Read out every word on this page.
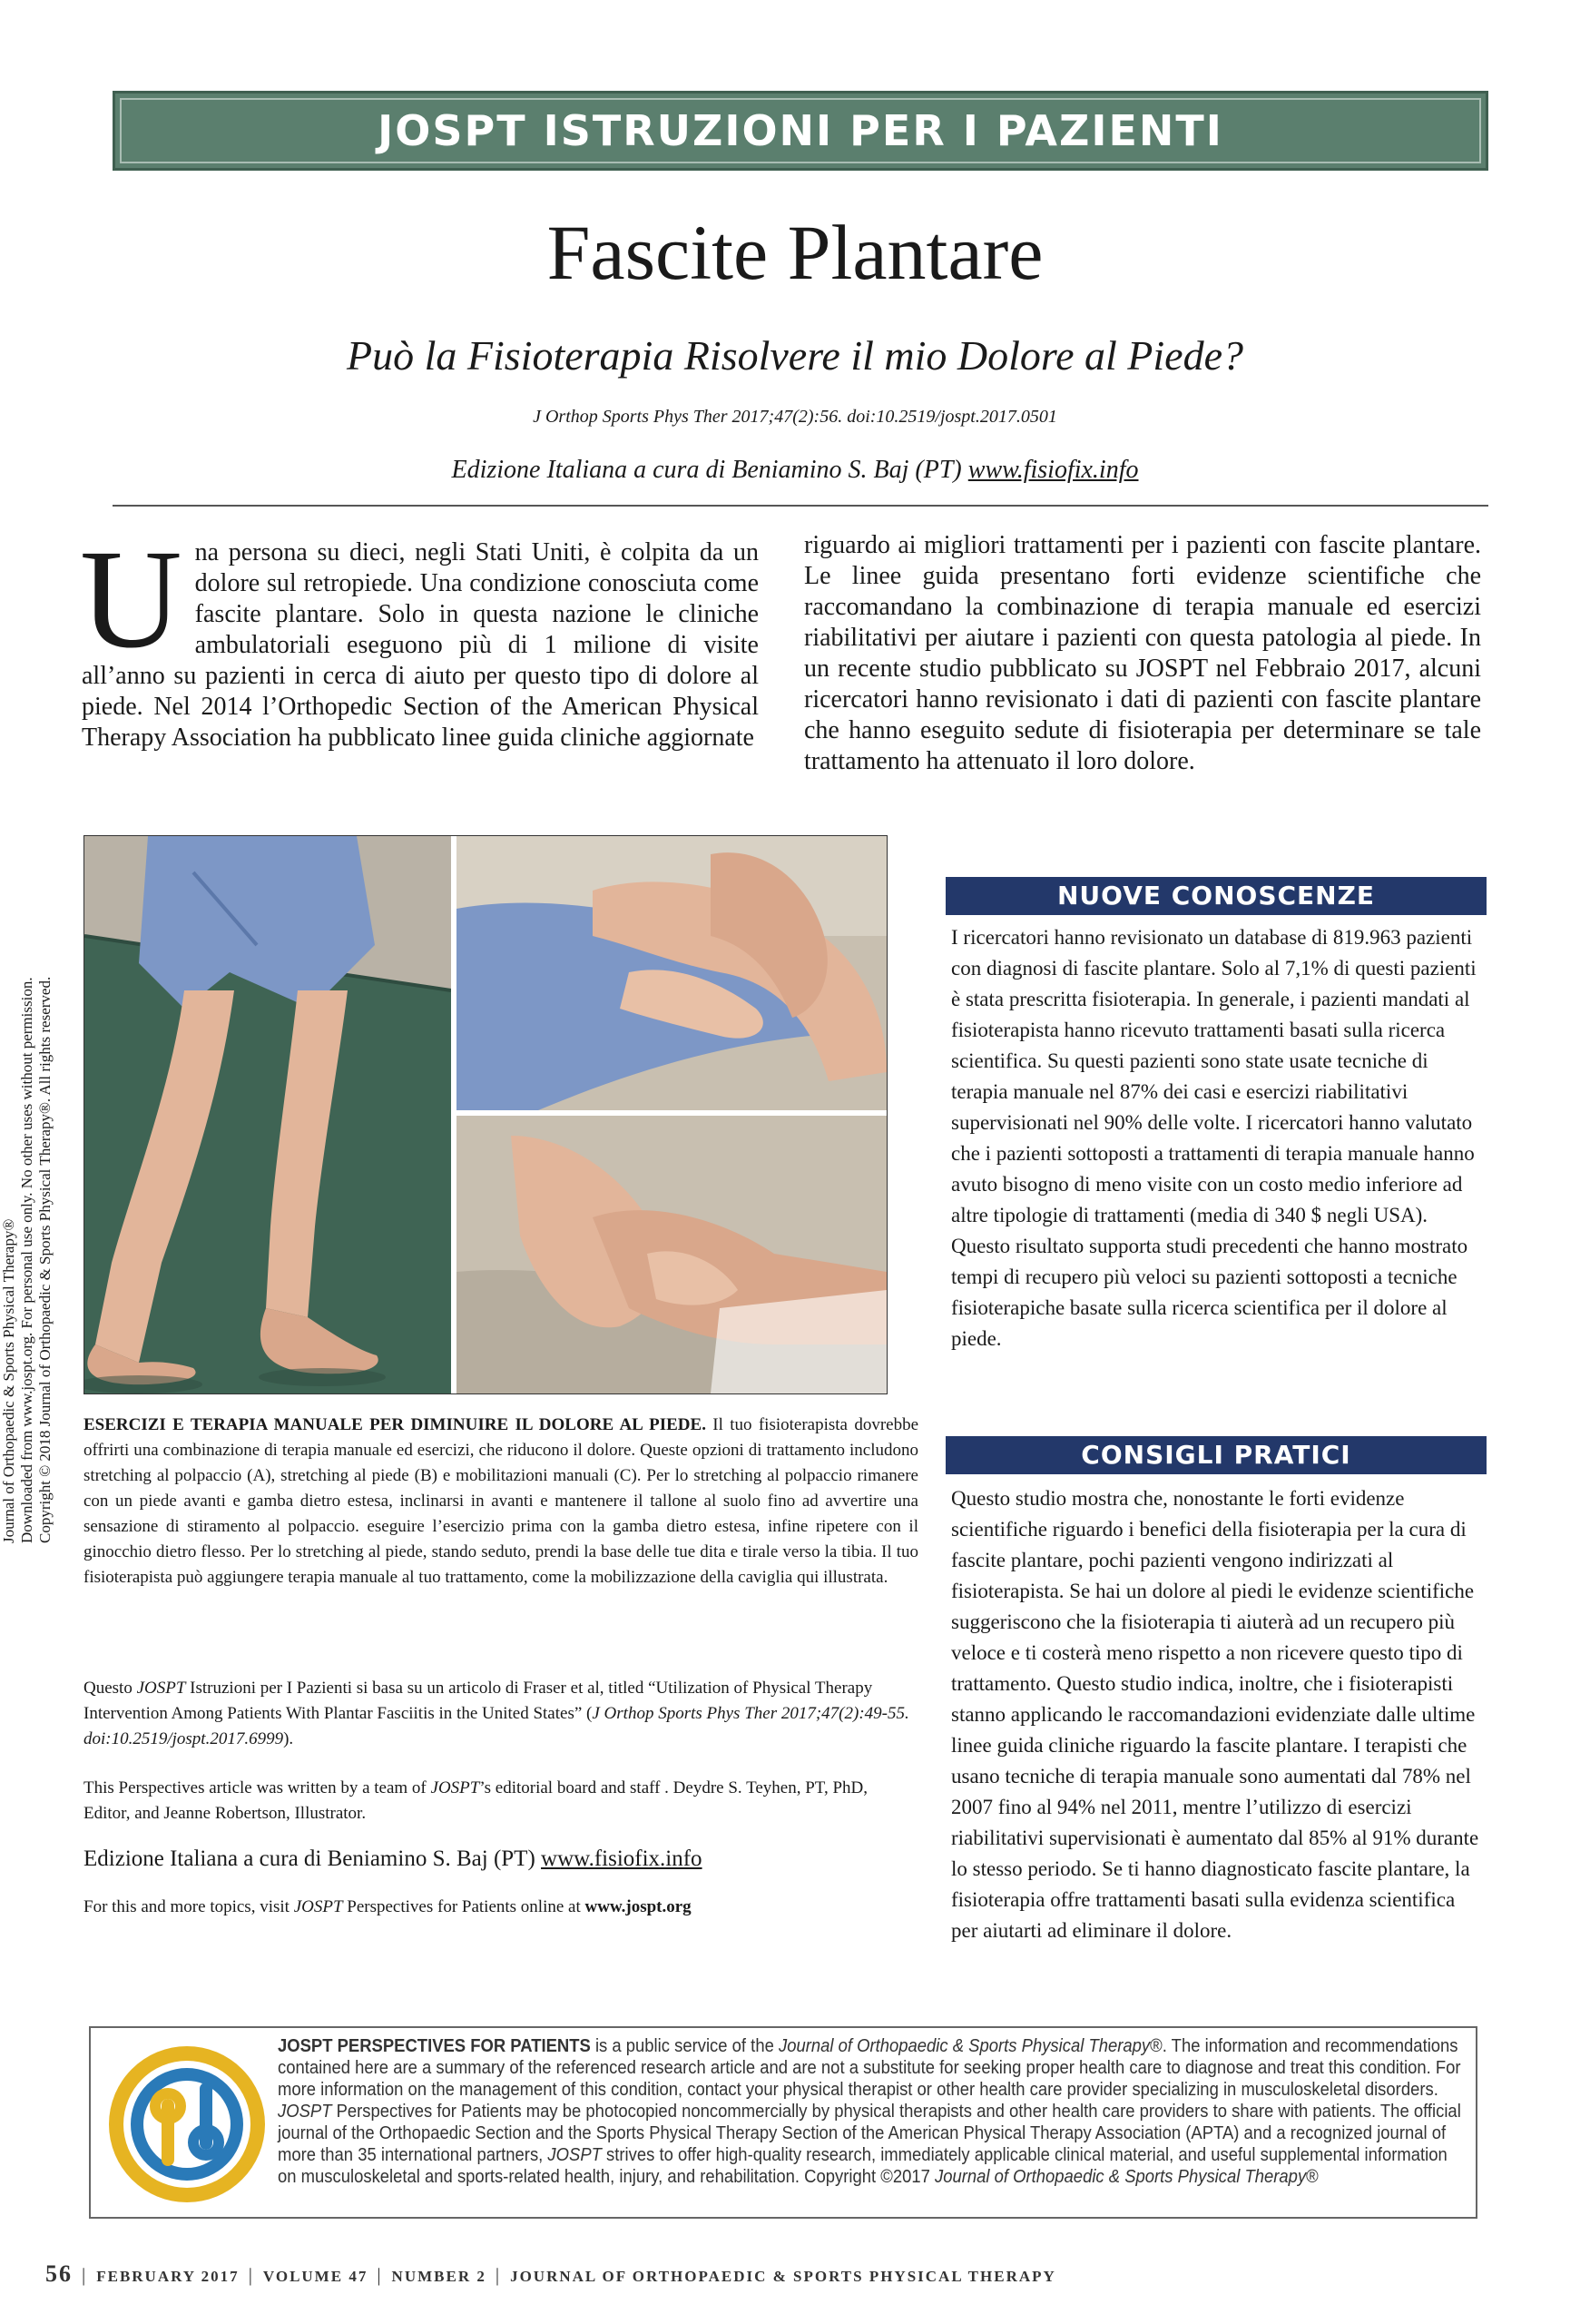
JOSPT ISTRUZIONI PER I PAZIENTI
Fascite Plantare
Può la Fisioterapia Risolvere il mio Dolore al Piede?
J Orthop Sports Phys Ther 2017;47(2):56. doi:10.2519/jospt.2017.0501
Edizione Italiana a cura di Beniamino S. Baj (PT) www.fisiofix.info
Una persona su dieci, negli Stati Uniti, è colpita da un dolore sul retropiede. Una condizione conosciuta come fascite plantare. Solo in questa nazione le cliniche ambulatoriali eseguono più di 1 milione di visite all’anno su pazienti in cerca di aiuto per questo tipo di dolore al piede. Nel 2014 l’Orthopedic Section of the American Physical Therapy Association ha pubblicato linee guida cliniche aggiornate
riguardo ai migliori trattamenti per i pazienti con fascite plantare. Le linee guida presentano forti evidenze scientifiche che raccomandano la combinazione di terapia manuale ed esercizi riabilitativi per aiutare i pazienti con questa patologia al piede. In un recente studio pubblicato su JOSPT nel Febbraio 2017, alcuni ricercatori hanno revisionato i dati di pazienti con fascite plantare che hanno eseguito sedute di fisioterapia per determinare se tale trattamento ha attenuato il loro dolore.
Journal of Orthopaedic & Sports Physical Therapy® Downloaded from www.jospt.org. For personal use only. No other uses without permission. Copyright © 2018 Journal of Orthopaedic & Sports Physical Therapy®. All rights reserved. ESERCIZI E TERAPIA MANUALE PER DIMINUIRE IL DOLORE AL PIEDE. Il tuo fisioterapista dovrebbe offrirti una combinazione di terapia manuale ed esercizi, che riducono il dolore. Queste opzioni di trattamento includono stretching al polpaccio (A), stretching al piede (B) e mobilitazioni manuali (C). Per lo stretching al polpaccio rimanere con un piede avanti e gamba dietro estesa, inclinarsi in avanti e mantenere il tallone al suolo fino ad avvertire una sensazione di stiramento al polpaccio. eseguire l’esercizio prima con la gamba dietro estesa, infine ripetere con il ginocchio dietro flesso. Per lo stretching al piede, stando seduto, prendi la base delle tue dita e tirale verso la tibia. Il tuo fisioterapista può aggiungere terapia manuale al tuo trattamento, come la mobilizzazione della caviglia qui illustrata.
Questo JOSPT Istruzioni per I Pazienti si basa su un articolo di Fraser et al, titled “Utilization of Physical Therapy Intervention Among Patients With Plantar Fasciitis in the United States” (J Orthop Sports Phys Ther 2017;47(2):49-55. doi:10.2519/jospt.2017.6999).
This Perspectives article was written by a team of JOSPT’s editorial board and staff . Deydre S. Teyhen, PT, PhD, Editor, and Jeanne Robertson, Illustrator.
Edizione Italiana a cura di Beniamino S. Baj (PT) www.fisiofix.info
For this and more topics, visit JOSPT Perspectives for Patients online at www.jospt.org
NUOVE CONOSCENZE
I ricercatori hanno revisionato un database di 819.963 pazienti con diagnosi di fascite plantare. Solo al 7,1% di questi pazienti è stata prescritta fisioterapia. In generale, i pazienti mandati al fisioterapista hanno ricevuto trattamenti basati sulla ricerca scientifica. Su questi pazienti sono state usate tecniche di terapia manuale nel 87% dei casi e esercizi riabilitativi supervisionati nel 90% delle volte. I ricercatori hanno valutato che i pazienti sottoposti a trattamenti di terapia manuale hanno avuto bisogno di meno visite con un costo medio inferiore ad altre tipologie di trattamenti (media di 340 $ negli USA). Questo risultato supporta studi precedenti che hanno mostrato tempi di recupero più veloci su pazienti sottoposti a tecniche fisioterapiche basate sulla ricerca scientifica per il dolore al piede.
CONSIGLI PRATICI
Questo studio mostra che, nonostante le forti evidenze scientifiche riguardo i benefici della fisioterapia per la cura di fascite plantare, pochi pazienti vengono indirizzati al fisioterapista. Se hai un dolore al piedi le evidenze scientifiche suggeriscono che la fisioterapia ti aiuterà ad un recupero più veloce e ti costerà meno rispetto a non ricevere questo tipo di trattamento. Questo studio indica, inoltre, che i fisioterapisti stanno applicando le raccomandazioni evidenziate dalle ultime linee guida cliniche riguardo la fascite plantare. I terapisti che usano tecniche di terapia manuale sono aumentati dal 78% nel 2007 fino al 94% nel 2011, mentre l’utilizzo di esercizi riabilitativi supervisionati è aumentato dal 85% al 91% durante lo stesso periodo. Se ti hanno diagnosticato fascite plantare, la fisioterapia offre trattamenti basati sulla evidenza scientifica per aiutarti ad eliminare il dolore.
JOSPT PERSPECTIVES FOR PATIENTS is a public service of the Journal of Orthopaedic & Sports Physical Therapy®. The information and recommendations contained here are a summary of the referenced research article and are not a substitute for seeking proper health care to diagnose and treat this condition. For more information on the management of this condition, contact your physical therapist or other health care provider specializing in musculoskeletal disorders. JOSPT Perspectives for Patients may be photocopied noncommercially by physical therapists and other health care providers to share with patients. The official journal of the Orthopaedic Section and the Sports Physical Therapy Section of the American Physical Therapy Association (APTA) and a recognized journal of more than 35 international partners, JOSPT strives to offer high-quality research, immediately applicable clinical material, and useful supplemental information on musculoskeletal and sports-related health, injury, and rehabilitation. Copyright ©2017 Journal of Orthopaedic & Sports Physical Therapy®
56 | FEBRUARY 2017 | VOLUME 47 | NUMBER 2 | JOURNAL OF ORTHOPAEDIC & SPORTS PHYSICAL THERAPY
